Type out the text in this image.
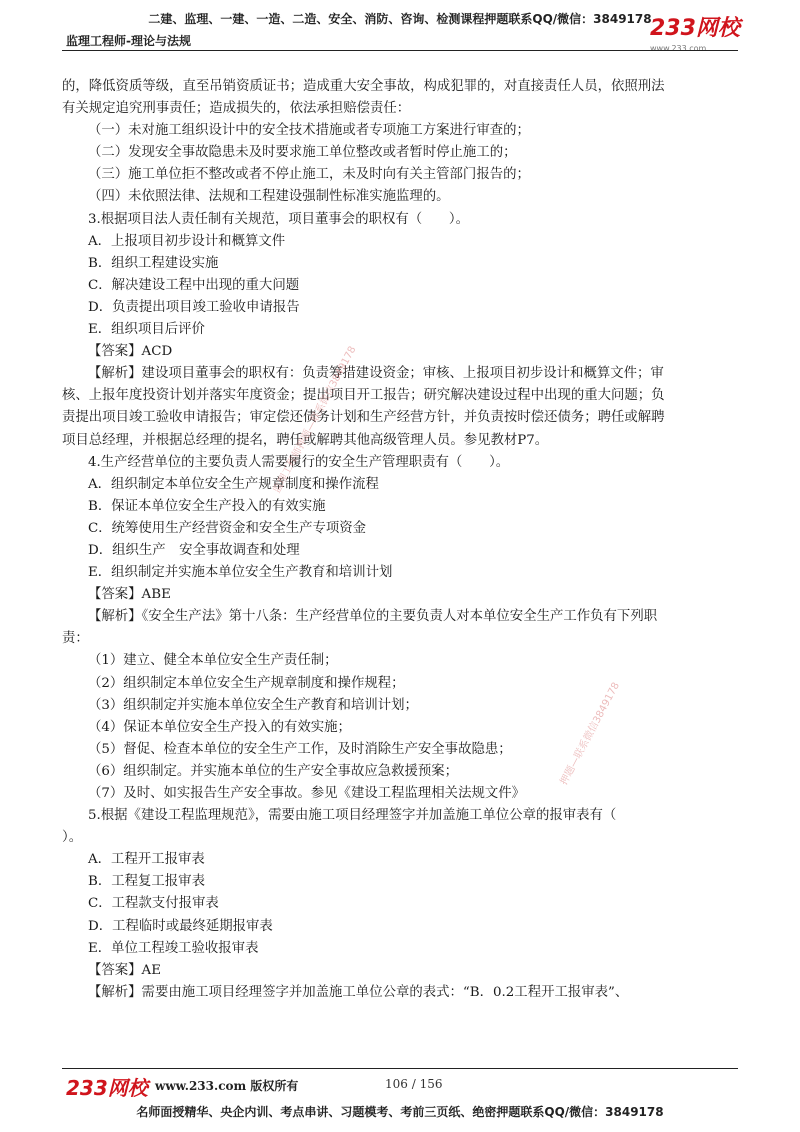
二建、监理、一建、一造、二造、安全、消防、咨询、检测课程押题联系QQ/微信：3849178
监理工程师-理论与法规	233网校
www.233.com

的，降低资质等级，直至吊销资质证书；造成重大安全事故，构成犯罪的，对直接责任人员，依照刑法

有关规定追究刑事责任；造成损失的，依法承担赔偿责任：

（一）未对施工组织设计中的安全技术措施或者专项施工方案进行审查的；

（二）发现安全事故隐患未及时要求施工单位整改或者暂时停止施工的；

（三）施工单位拒不整改或者不停止施工，未及时向有关主管部门报告的；

（四）未依照法律、法规和工程建设强制性标准实施监理的。

3.根据项目法人责任制有关规范，项目董事会的职权有（　　）。

A．上报项目初步设计和概算文件

B．组织工程建设实施

C．解决建设工程中出现的重大问题

D．负责提出项目竣工验收申请报告

E．组织项目后评价

【答案】ACD

【解析】建设项目董事会的职权有：负责筹措建设资金；审核、上报项目初步设计和概算文件；审

核、上报年度投资计划并落实年度资金；提出项目开工报告；研究解决建设过程中出现的重大问题；负

责提出项目竣工验收申请报告；审定偿还债务计划和生产经营方针，并负责按时偿还债务；聘任或解聘

项目总经理，并根据总经理的提名，聘任或解聘其他高级管理人员。参见教材P7。

4.生产经营单位的主要负责人需要履行的安全生产管理职责有（　　）。

A．组织制定本单位安全生产规章制度和操作流程

B．保证本单位安全生产投入的有效实施

C．统筹使用生产经营资金和安全生产专项资金

D．组织生产　安全事故调查和处理

E．组织制定并实施本单位安全生产教育和培训计划

【答案】ABE

【解析】《安全生产法》第十八条：生产经营单位的主要负责人对本单位安全生产工作负有下列职

责：

（1）建立、健全本单位安全生产责任制；

（2）组织制定本单位安全生产规章制度和操作规程；

（3）组织制定并实施本单位安全生产教育和培训计划；

（4）保证本单位安全生产投入的有效实施；

（5）督促、检查本单位的安全生产工作，及时消除生产安全事故隐患；

（6）组织制定。并实施本单位的生产安全事故应急救援预案；

（7）及时、如实报告生产安全事故。参见《建设工程监理相关法规文件》

5.根据《建设工程监理规范》，需要由施工项目经理签字并加盖施工单位公章的报审表有（

）。

A．工程开工报审表

B．工程复工报审表

C．工程款支付报审表

D．工程临时或最终延期报审表

E．单位工程竣工验收报审表

【答案】AE

【解析】需要由施工项目经理签字并加盖施工单位公章的表式：“B．0.2工程开工报审表”、

监理工程师押题—联系微信3849178
押题—联系微信3849178
233网校 www.233.com 版权所有	106 / 156
名师面授精华、央企内训、考点串讲、习题模考、考前三页纸、绝密押题联系QQ/微信：3849178
